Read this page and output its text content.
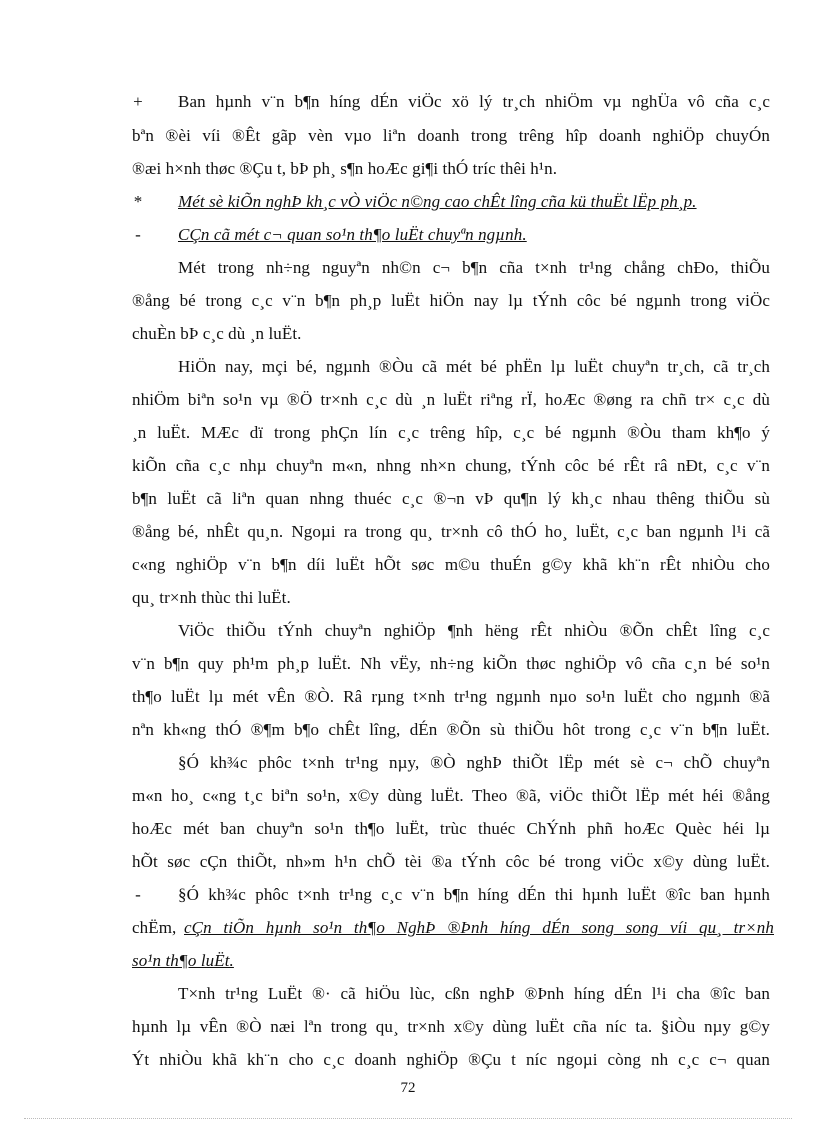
+	Ban hµnh v¨n b¶n híng dÉn viÖc xö lý tr¸ch nhiÖm vµ nghÜa vô cña c¸c
bªn ®èi víi ®Êt gãp vèn vµo liªn doanh trong trêng hîp doanh nghiÖp chuyÓn
®æi h×nh thøc ®Çu t, bÞ ph¸ s¶n hoÆc gi¶i thÓ tríc thêi h¹n.
*	Mét sè kiÕn nghÞ kh¸c vÒ viÖc n©ng cao chÊt lîng cña kü thuËt lËp ph¸p.
-	CÇn cã mét c¬ quan so¹n th¶o luËt chuyªn ngµnh.
Mét trong nh÷ng nguyªn nh©n c¬ b¶n cña t×nh tr¹ng chång chÐo, thiÕu
®ång bé trong c¸c v¨n b¶n ph¸p luËt hiÖn nay lµ tÝnh côc bé ngµnh trong viÖc
chuÈn bÞ c¸c dù ¸n luËt.
HiÖn nay, mçi bé, ngµnh ®Òu cã mét bé phËn lµ luËt chuyªn tr¸ch, cã tr¸ch
nhiÖm biªn so¹n vµ ®Ö tr×nh c¸c dù ¸n luËt riªng rÏ, hoÆc ®øng ra chñ tr× c¸c dù
¸n luËt. MÆc dï trong phÇn lín c¸c trêng hîp, c¸c bé ngµnh ®Òu tham kh¶o ý
kiÕn cña c¸c nhµ chuyªn m«n, nhng nh×n chung, tÝnh côc bé rÊt râ nÐt, c¸c v¨n
b¶n luËt cã liªn quan nhng thuéc c¸c ®¬n vÞ qu¶n lý kh¸c nhau thêng thiÕu sù
®ång bé, nhÊt qu¸n. Ngoµi ra trong qu¸ tr×nh cô thÓ ho¸ luËt, c¸c ban ngµnh l¹i cã
c«ng nghiÖp v¨n b¶n díi luËt hÕt søc m©u thuÉn g©y khã kh¨n rÊt nhiÒu cho
qu¸ tr×nh thùc thi luËt.
ViÖc thiÕu tÝnh chuyªn nghiÖp ¶nh hëng rÊt nhiÒu ®Õn chÊt lîng c¸c
v¨n b¶n quy ph¹m ph¸p luËt. Nh vËy, nh÷ng kiÕn thøc nghiÖp vô cña c¸n bé so¹n
th¶o luËt lµ mét vÊn ®Ò. Râ rµng t×nh tr¹ng ngµnh nµo so¹n luËt cho ngµnh ®ã
nªn kh«ng thÓ ®¶m b¶o chÊt lîng, dÉn ®Õn sù thiÕu hôt trong c¸c v¨n b¶n luËt.
§Ó kh¾c phôc t×nh tr¹ng nµy, ®Ò nghÞ thiÕt lËp mét sè c¬ chÕ chuyªn
m«n ho¸ c«ng t¸c biªn so¹n, x©y dùng luËt. Theo ®ã, viÖc thiÕt lËp mét héi ®ång
hoÆc mét ban chuyªn so¹n th¶o luËt, trùc thuéc ChÝnh phñ hoÆc Quèc héi lµ
hÕt søc cÇn thiÕt, nh»m h¹n chÕ tèi ®a tÝnh côc bé trong viÖc x©y dùng luËt.
-	§Ó kh¾c phôc t×nh tr¹ng c¸c v¨n b¶n híng dÉn thi hµnh luËt ®îc ban hµnh
chËm, cÇn tiÕn hµnh so¹n th¶o NghÞ ®Þnh híng dÉn song song víi qu¸ tr×nh
so¹n th¶o luËt.
T×nh tr¹ng LuËt ®· cã hiÖu lùc, cßn nghÞ ®Þnh híng dÉn l¹i cha ®îc ban
hµnh lµ vÊn ®Ò næi lªn trong qu¸ tr×nh x©y dùng luËt cña níc ta. §iÒu nµy g©y
Ýt nhiÒu khã kh¨n cho c¸c doanh nghiÖp ®Çu t níc ngoµi còng nh c¸c c¬ quan
72
